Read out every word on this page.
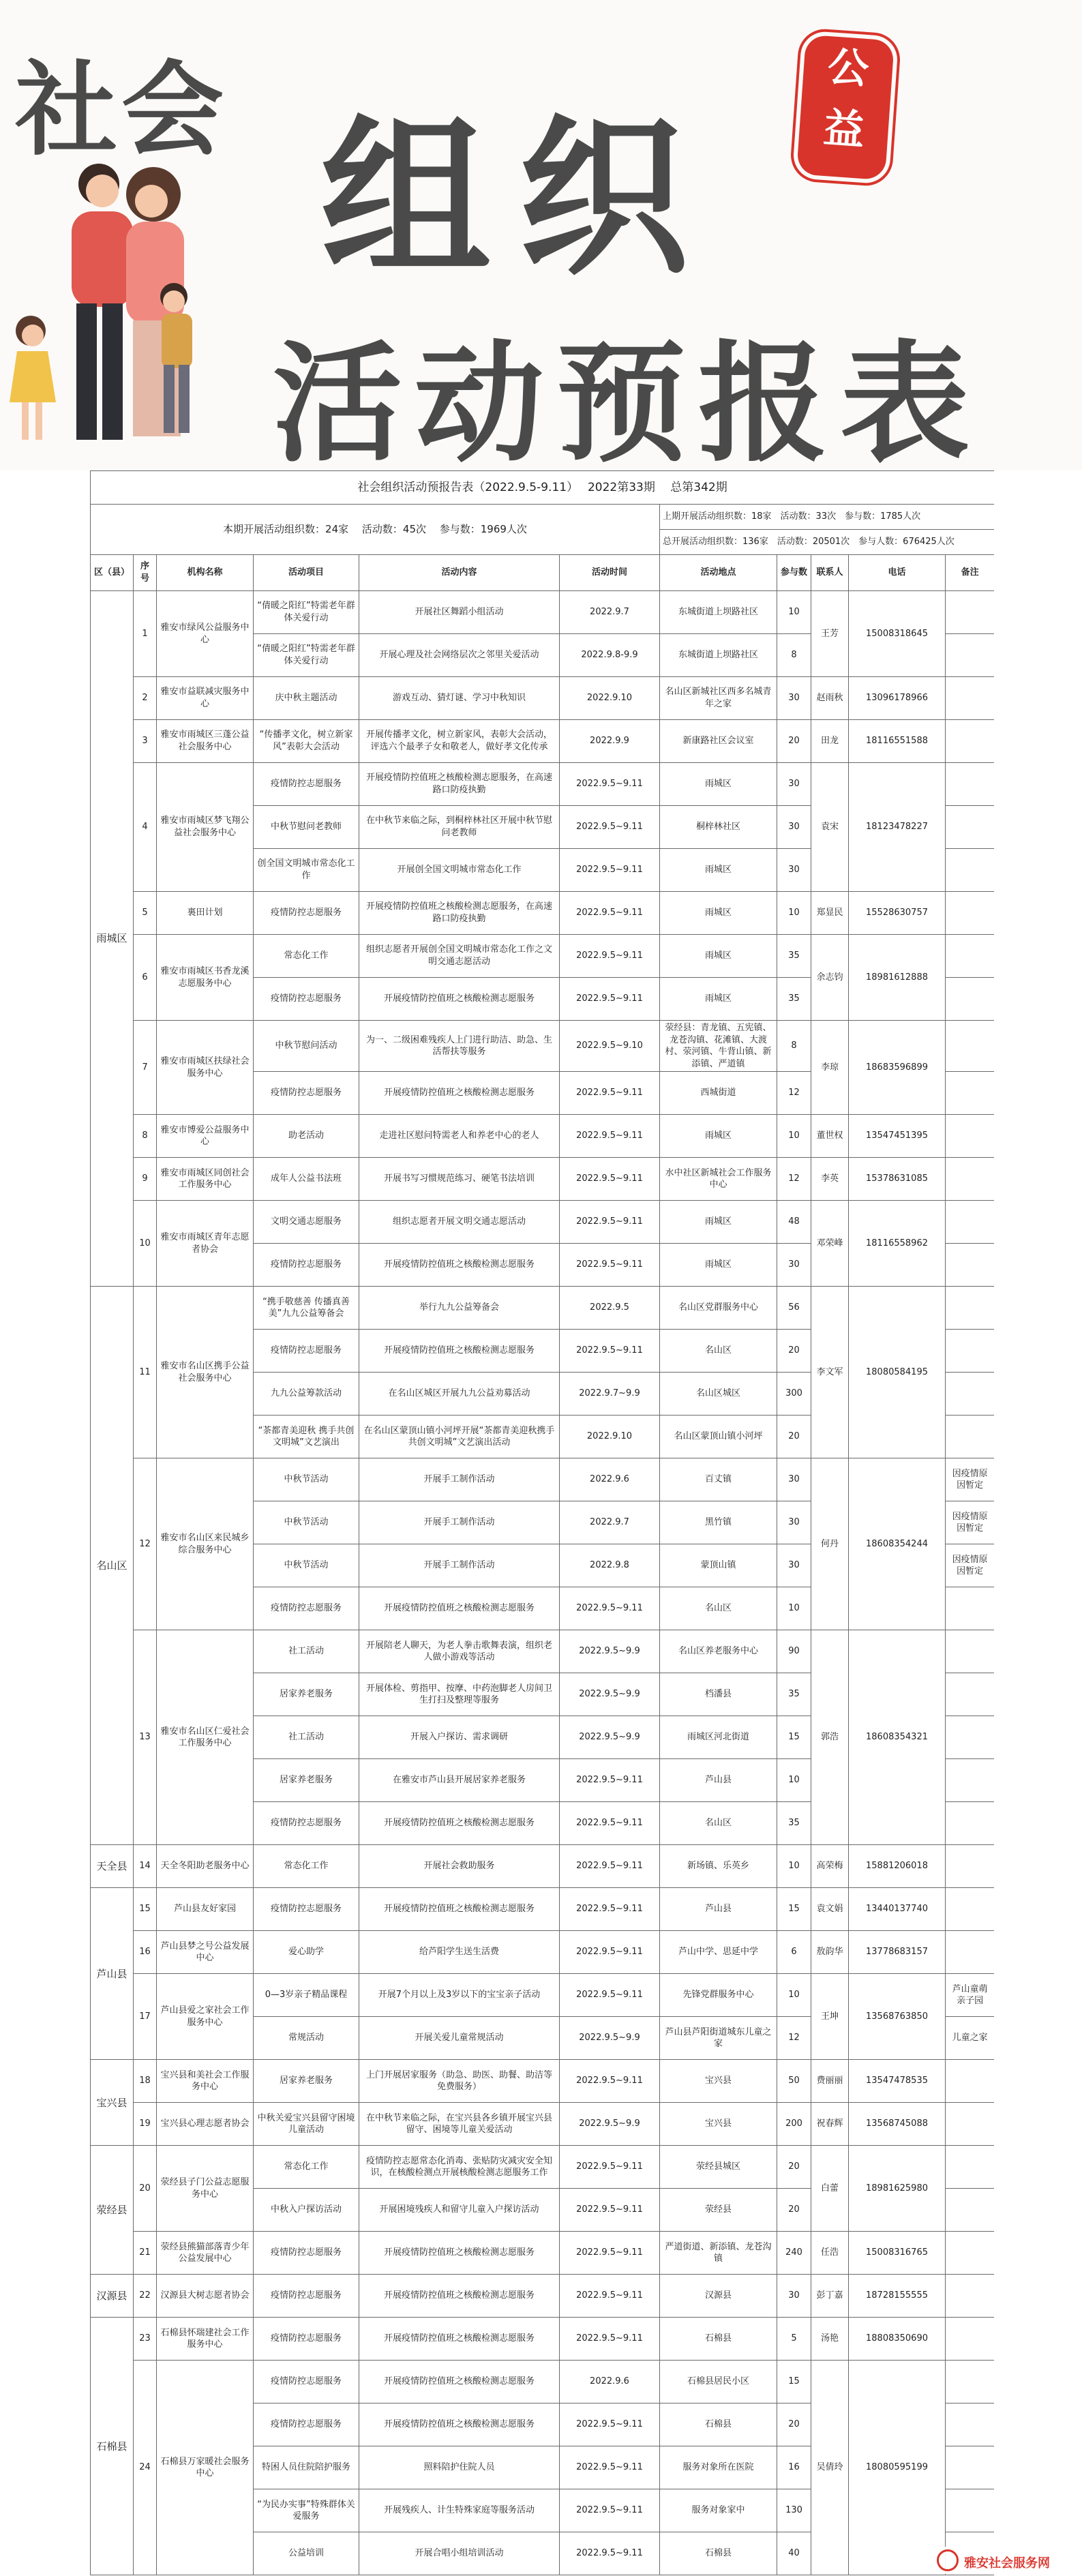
社会 组织
活动预报表
公
益
社会组织活动预报告表（2022.9.5-9.11）　 2022第33期　 总第342期										
本期开展活动组织数：24家　 活动数：45次　 参与数：1969人次						上期开展活动组织数：18家　活动数：33次　参与数：1785人次				
						总开展活动组织数：136家　活动数：20501次　参与人数：676425人次				
区（县）	序号	机构名称	活动项目	活动内容	活动时间	活动地点	参与数	联系人	电话	备注
雨城区	1	雅安市绿风公益服务中心	“倩暖之阳红”特需老年群体关爱行动	开展社区舞蹈小组活动	2022.9.7	东城街道上坝路社区	10	王芳	15008318645	
			“倩暖之阳红”特需老年群体关爱行动	开展心理及社会网络层次之邻里关爱活动	2022.9.8-9.9	东城街道上坝路社区	8			
	2	雅安市益联减灾服务中心	庆中秋主题活动	游戏互动、猜灯谜、学习中秋知识	2022.9.10	名山区新城社区西多名城青年之家	30	赵雨秋	13096178966	
	3	雅安市雨城区三蓬公益社会服务中心	“传播孝文化，树立新家风”表彰大会活动	开展传播孝文化，树立新家风，表彰大会活动，评选六个最孝子女和敬老人，做好孝文化传承	2022.9.9	新康路社区会议室	20	田龙	18116551588	
	4	雅安市雨城区梦飞翔公益社会服务中心	疫情防控志愿服务	开展疫情防控值班之核酸检测志愿服务，在高速路口防疫执勤	2022.9.5~9.11	雨城区	30	袁宋	18123478227	
			中秋节慰问老教师	在中秋节来临之际，到桐梓林社区开展中秋节慰问老教师	2022.9.5~9.11	桐梓林社区	30			
			创全国文明城市常态化工作	开展创全国文明城市常态化工作	2022.9.5~9.11	雨城区	30			
	5	裏田计划	疫情防控志愿服务	开展疫情防控值班之核酸检测志愿服务，在高速路口防疫执勤	2022.9.5~9.11	雨城区	10	郑显民	15528630757	
	6	雅安市雨城区书香龙溪志愿服务中心	常态化工作	组织志愿者开展创全国文明城市常态化工作之文明交通志愿活动	2022.9.5~9.11	雨城区	35	余志钧	18981612888	
			疫情防控志愿服务	开展疫情防控值班之核酸检测志愿服务	2022.9.5~9.11	雨城区	35			
	7	雅安市雨城区扶绿社会服务中心	中秋节慰问活动	为一、二级困难残疾人上门进行助洁、助急、生活帮扶等服务	2022.9.5~9.10	荥经县：青龙镇、五宪镇、龙苍沟镇、花滩镇、大渡村、荥河镇、牛背山镇、新添镇、严道镇	8	李琼	18683596899	
			疫情防控志愿服务	开展疫情防控值班之核酸检测志愿服务	2022.9.5~9.11	西城街道	12			
	8	雅安市博爱公益服务中心	助老活动	走进社区慰问特需老人和养老中心的老人	2022.9.5~9.11	雨城区	10	董世权	13547451395	
	9	雅安市雨城区同创社会工作服务中心	成年人公益书法班	开展书写习惯规范练习、硬笔书法培训	2022.9.5~9.11	水中社区新城社会工作服务中心	12	李英	15378631085	
	10	雅安市雨城区青年志愿者协会	文明交通志愿服务	组织志愿者开展文明交通志愿活动	2022.9.5~9.11	雨城区	48	邓荣峰	18116558962	
			疫情防控志愿服务	开展疫情防控值班之核酸检测志愿服务	2022.9.5~9.11	雨城区	30			
名山区	11	雅安市名山区携手公益社会服务中心	“携手敬慈善 传播真善美”九九公益筹备会	举行九九公益筹备会	2022.9.5	名山区党群服务中心	56	李文军	18080584195	
			疫情防控志愿服务	开展疫情防控值班之核酸检测志愿服务	2022.9.5~9.11	名山区	20			
			九九公益筹款活动	在名山区城区开展九九公益劝募活动	2022.9.7~9.9	名山区城区	300			
			“茶都青美迎秋 携手共创文明城”文艺演出	在名山区蒙顶山镇小河坪开展“茶都青美迎秋携手共创文明城”文艺演出活动	2022.9.10	名山区蒙顶山镇小河坪	20			
	12	雅安市名山区来民城乡综合服务中心	中秋节活动	开展手工制作活动	2022.9.6	百丈镇	30	何丹	18608354244	因疫情原因暂定
			中秋节活动	开展手工制作活动	2022.9.7	黑竹镇	30			因疫情原因暂定
			中秋节活动	开展手工制作活动	2022.9.8	蒙顶山镇	30			因疫情原因暂定
			疫情防控志愿服务	开展疫情防控值班之核酸检测志愿服务	2022.9.5~9.11	名山区	10			
	13	雅安市名山区仁爱社会工作服务中心	社工活动	开展陪老人聊天，为老人拳击歌舞表演，组织老人做小游戏等活动	2022.9.5~9.9	名山区养老服务中心	90	郭浩	18608354321	
			居家养老服务	开展体检、剪指甲、按摩、中药泡脚老人房间卫生打扫及整理等服务	2022.9.5~9.9	档潘县	35			
			社工活动	开展入户探访、需求调研	2022.9.5~9.9	雨城区河北街道	15			
			居家养老服务	在雅安市芦山县开展居家养老服务	2022.9.5~9.11	芦山县	10			
			疫情防控志愿服务	开展疫情防控值班之核酸检测志愿服务	2022.9.5~9.11	名山区	35			
天全县	14	天全冬阳助老服务中心	常态化工作	开展社会救助服务	2022.9.5~9.11	新场镇、乐英乡	10	高荣梅	15881206018	
芦山县	15	芦山县友好家园	疫情防控志愿服务	开展疫情防控值班之核酸检测志愿服务	2022.9.5~9.11	芦山县	15	袁文娟	13440137740	
	16	芦山县梦之号公益发展中心	爱心助学	给芦阳学生送生活费	2022.9.5~9.11	芦山中学、思延中学	6	敖韵华	13778683157	
	17	芦山县爱之家社会工作服务中心	0—3岁亲子精品课程	开展7个月以上及3岁以下的宝宝亲子活动	2022.9.5~9.11	先锋党群服务中心	10	王坤	13568763850	芦山童萌亲子园
			常规活动	开展关爱儿童常规活动	2022.9.5~9.9	芦山县芦阳街道城东儿童之家	12			儿童之家
宝兴县	18	宝兴县和美社会工作服务中心	居家养老服务	上门开展居家服务（助急、助医、助餐、助洁等免费服务）	2022.9.5~9.11	宝兴县	50	费丽丽	13547478535	
	19	宝兴县心理志愿者协会	中秋关爱宝兴县留守困境儿童活动	在中秋节来临之际，在宝兴县各乡镇开展宝兴县留守、困境等儿童关爱活动	2022.9.5~9.9	宝兴县	200	祝春辉	13568745088	
荥经县	20	荥经县子门公益志愿服务中心	常态化工作	疫情防控志愿常态化消毒、张贴防灾减灾安全知识，在核酸检测点开展核酸检测志愿服务工作	2022.9.5~9.11	荥经县城区	20	白蕾	18981625980	
			中秋入户探访活动	开展困境残疾人和留守儿童入户探访活动	2022.9.5~9.11	荥经县	20			
	21	荥经县熊猫部落青少年公益发展中心	疫情防控志愿服务	开展疫情防控值班之核酸检测志愿服务	2022.9.5~9.11	严道街道、新添镇、龙苍沟镇	240	任浩	15008316765	
汉源县	22	汉源县大树志愿者协会	疫情防控志愿服务	开展疫情防控值班之核酸检测志愿服务	2022.9.5~9.11	汉源县	30	彭丁嘉	18728155555	
石棉县	23	石棉县怀瑞建社会工作服务中心	疫情防控志愿服务	开展疫情防控值班之核酸检测志愿服务	2022.9.5~9.11	石棉县	5	汤艳	18808350690	
	24	石棉县万家暖社会服务中心	疫情防控志愿服务	开展疫情防控值班之核酸检测志愿服务	2022.9.6	石棉县居民小区	15	吴倩玲	18080595199	
			疫情防控志愿服务	开展疫情防控值班之核酸检测志愿服务	2022.9.5~9.11	石棉县	20			
			特困人员住院陪护服务	照料陪护住院人员	2022.9.5~9.11	服务对象所在医院	16			
			“为民办实事”特殊群体关爱服务	开展残疾人、计生特殊家庭等服务活动	2022.9.5~9.11	服务对象家中	130			
			公益培训	开展合唱小组培训活动	2022.9.5~9.11	石棉县	40			
雅安社会服务网
